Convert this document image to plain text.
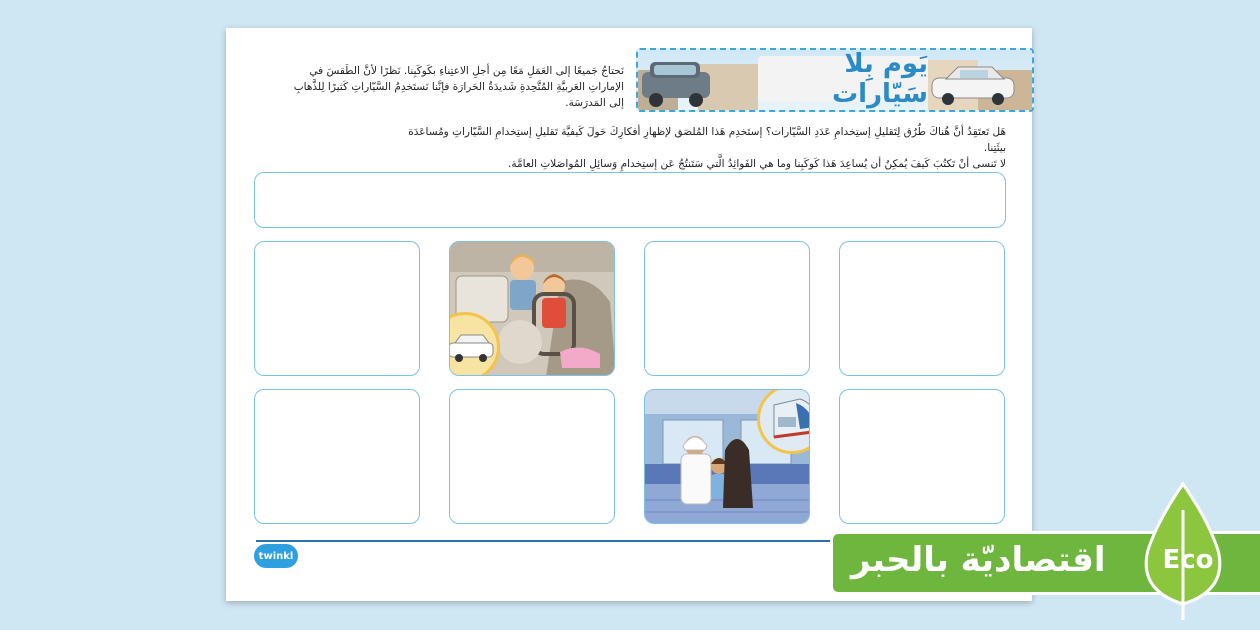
يَوم بِلا سَيّارات
نَحتاجُ جَميعًا إلى العَمَلِ مَعًا مِن أجلِ الاعتِناءِ بكَوكَبِنا. نَظرًا لأنَّ الطَقسَ في الإماراتِ العَربيَّةِ المُتَّحِدةِ شَديدَةُ الحَرارَة فإنَّنا نَستَخدِمُ السَّيّاراتِ كَثيرًا لِلذَّهابِ إلى المَدرَسَة.
هَل تَعتَقِدُ أنَّ هُناكَ طُرُق لِتَقليلِ إستِخدامِ عَدَدِ السَّيّارات؟ إستَخدِم هَذا المُلصَق لإظهارِ أفكارِكَ حَولَ كَيفيَّة تَقليلِ إستِخدامِ السَّيّاراتِ ومُساعَدَة بيئَتِنا.
لا تَنسى أنْ تَكتُبَ كَيفَ يُمكِنُ أن يُساعِدَ هَذا كَوكَبِنا وما هي الفَوائِدُ الَّتي سَتَنتُجُ عَن إستِخدامِ وَسائِلِ المُواصَلاتِ العامَّة.
twinkl	اقتصاديّة بالحبر Eco
